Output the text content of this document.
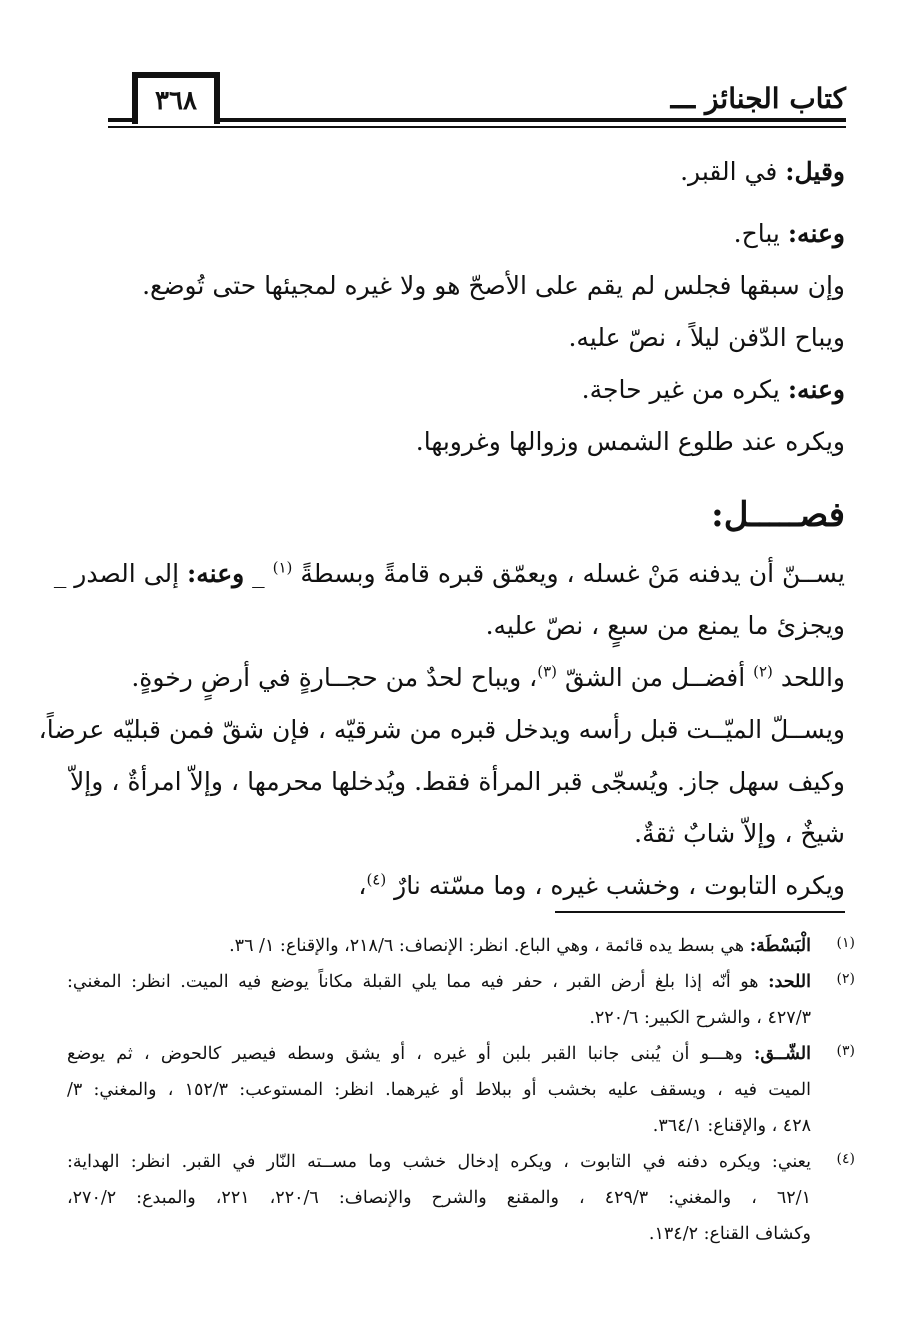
٣٦٨	كتاب الجنائز ـــ
وقيل: في القبر.
وعنه: يباح.
وإن سبقها فجلس لم يقم على الأصحّ هو ولا غيره لمجيئها حتى تُوضع.
ويباح الدّفن ليلاً ، نصّ عليه.
وعنه: يكره من غير حاجة.
ويكره عند طلوع الشمس وزوالها وغروبها.
فصـــــل:
يســنّ أن يدفنه مَنْ غسله ، ويعمّق قبره قامةً وبسطةً $^{(١)}$ _ وعنه: إلى الصدر _
ويجزئ ما يمنع من سبعٍ ، نصّ عليه.
واللحد $^{(٢)}$ أفضــل من الشقّ $^{(٣)}$، ويباح لحدٌ من حجــارةٍ في أرضٍ رخوةٍ.
ويســلّ الميّــت قبل رأسه ويدخل قبره من شرقيّه ، فإن شقّ فمن قبليّه عرضاً،
وكيف سهل جاز. ويُسجّى قبر المرأة فقط. ويُدخلها محرمها ، وإلاّ امرأةٌ ، وإلاّ
شيخٌ ، وإلاّ شابٌ ثقةٌ.
ويكره التابوت ، وخشب غيره ، وما مسّته نارٌ $^{(٤)}$،
(١)
الْبَسْطَة: هي بسط يده قائمة ، وهي الباع. انظر: الإنصاف: ٢١٨/٦، والإقناع: ١/ ٣٦.
(٢)
اللحد: هو أنّه إذا بلغ أرض القبر ، حفر فيه مما يلي القبلة مكاناً يوضع فيه الميت. انظر: المغني:
٤٢٧/٣ ، والشرح الكبير: ٢٢٠/٦.
(٣)
الشّــق: وهـــو أن يُبنى جانبا القبر بلبن أو غيره ، أو يشق وسطه فيصير كالحوض ، ثم يوضع
الميت فيه ، ويسقف عليه بخشب أو ببلاط أو غيرهما. انظر: المستوعب: ١٥٢/٣ ، والمغني: ٣/
٤٢٨ ، والإقناع: ٣٦٤/١.
(٤)
يعني: ويكره دفنه في التابوت ، ويكره إدخال خشب وما مســته النّار في القبر. انظر: الهداية:
٦٢/١ ، والمغني: ٤٢٩/٣ ، والمقنع والشرح والإنصاف: ٢٢٠/٦، ٢٢١، والمبدع: ٢٧٠/٢،
وكشاف القناع: ١٣٤/٢.
